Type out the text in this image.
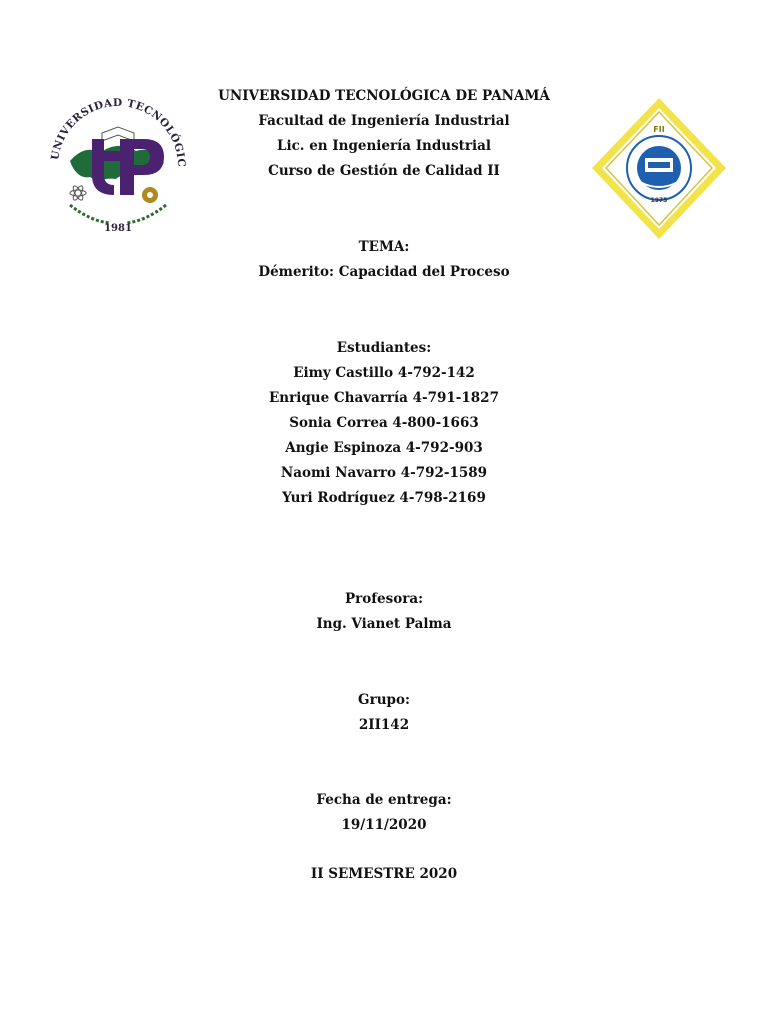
UNIVERSIDAD TECNOLÓGIC
1981
FII
1975
UNIVERSIDAD TECNOLÓGICA DE PANAMÁ
Facultad de Ingeniería Industrial
Lic. en Ingeniería Industrial
Curso de Gestión de Calidad II
TEMA:
Démerito: Capacidad del Proceso
Estudiantes:
Eimy Castillo 4-792-142
Enrique Chavarría 4-791-1827
Sonia Correa 4-800-1663
Angie Espinoza 4-792-903
Naomi Navarro 4-792-1589
Yuri Rodríguez 4-798-2169
Profesora:
Ing. Vianet Palma
Grupo:
2II142
Fecha de entrega:
19/11/2020
II SEMESTRE 2020
